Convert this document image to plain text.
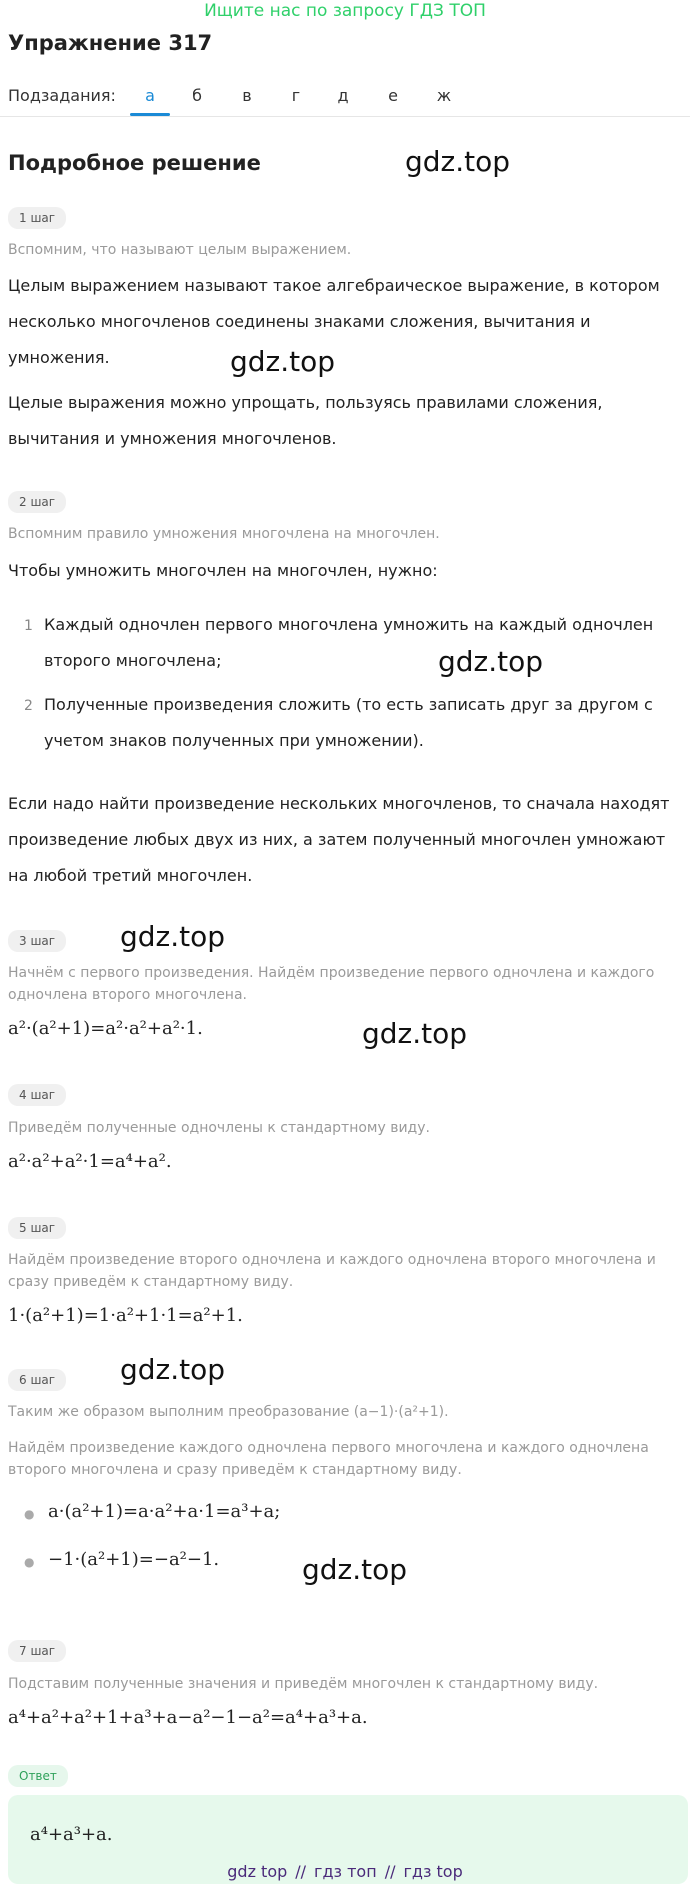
Ищите нас по запросу ГДЗ ТОП
Упражнение 317
Подзадания:	а	б	в	г	д	е	ж
Подробное решение	gdz.top
gdz.top
gdz.top
gdz.top
gdz.top
gdz.top
gdz.top
1 шаг
Вспомним, что называют целым выражением.
Целым выражением называют такое алгебраическое выражение, в котором несколько многочленов соединены знаками сложения, вычитания и умножения.
Целые выражения можно упрощать, пользуясь правилами сложения, вычитания и умножения многочленов.
2 шаг
Вспомним правило умножения многочлена на многочлен.
Чтобы умножить многочлен на многочлен, нужно:
1 Каждый одночлен первого многочлена умножить на каждый одночлен второго многочлена;
2 Полученные произведения сложить (то есть записать друг за другом с учетом знаков полученных при умножении).
Если надо найти произведение нескольких многочленов, то сначала находят произведение любых двух из них, а затем полученный многочлен умножают на любой третий многочлен.
3 шаг
Начнём с первого произведения. Найдём произведение первого одночлена и каждого одночлена второго многочлена.
a²·(a²+1)=a²·a²+a²·1.
4 шаг
Приведём полученные одночлены к стандартному виду.
a²·a²+a²·1=a⁴+a².
5 шаг
Найдём произведение второго одночлена и каждого одночлена второго многочлена и сразу приведём к стандартному виду.
1·(a²+1)=1·a²+1·1=a²+1.
6 шаг
Таким же образом выполним преобразование (a−1)·(a²+1).
Найдём произведение каждого одночлена первого многочлена и каждого одночлена второго многочлена и сразу приведём к стандартному виду.
● a·(a²+1)=a·a²+a·1=a³+a;
● −1·(a²+1)=−a²−1.
7 шаг
Подставим полученные значения и приведём многочлен к стандартному виду.
a⁴+a²+a²+1+a³+a−a²−1−a²=a⁴+a³+a.
Ответ
a⁴+a³+a.
gdz top // гдз топ // гдз top
